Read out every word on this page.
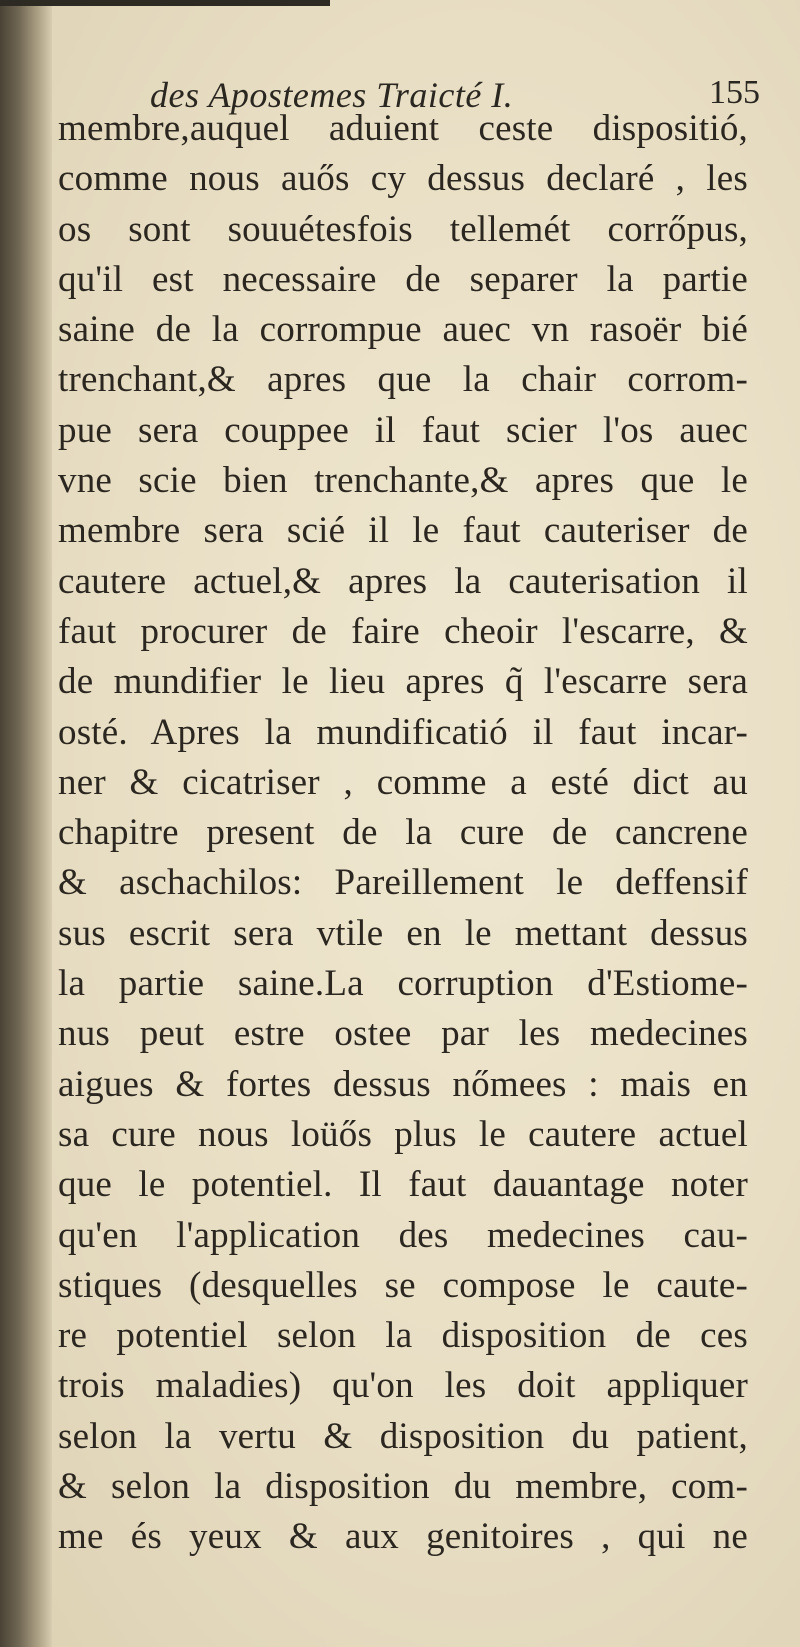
des Apostemes Traicté I.	155
membre,auquel aduient ceste dispositió,
comme nous auős cy dessus declaré , les
os sont souuétesfois tellemét corrőpus,
qu'il est necessaire de separer la partie
saine de la corrompue auec vn rasoër bié
trenchant,& apres que la chair corrom-
pue sera couppee il faut scier l'os auec
vne scie bien trenchante,& apres que le
membre sera scié il le faut cauteriser de
cautere actuel,& apres la cauterisation il
faut procurer de faire cheoir l'escarre, &
de mundifier le lieu apres q̃ l'escarre sera
osté. Apres la mundificatió il faut incar-
ner & cicatriser , comme a esté dict au
chapitre present de la cure de cancrene
& aschachilos: Pareillement le deffensif
sus escrit sera vtile en le mettant dessus
la partie saine.La corruption d'Estiome-
nus peut estre ostee par les medecines
aigues & fortes dessus nőmees : mais en
sa cure nous loüős plus le cautere actuel
que le potentiel. Il faut dauantage noter
qu'en l'application des medecines cau-
stiques (desquelles se compose le caute-
re potentiel selon la disposition de ces
trois maladies) qu'on les doit appliquer
selon la vertu & disposition du patient,
& selon la disposition du membre, com-
me és yeux & aux genitoires , qui ne
